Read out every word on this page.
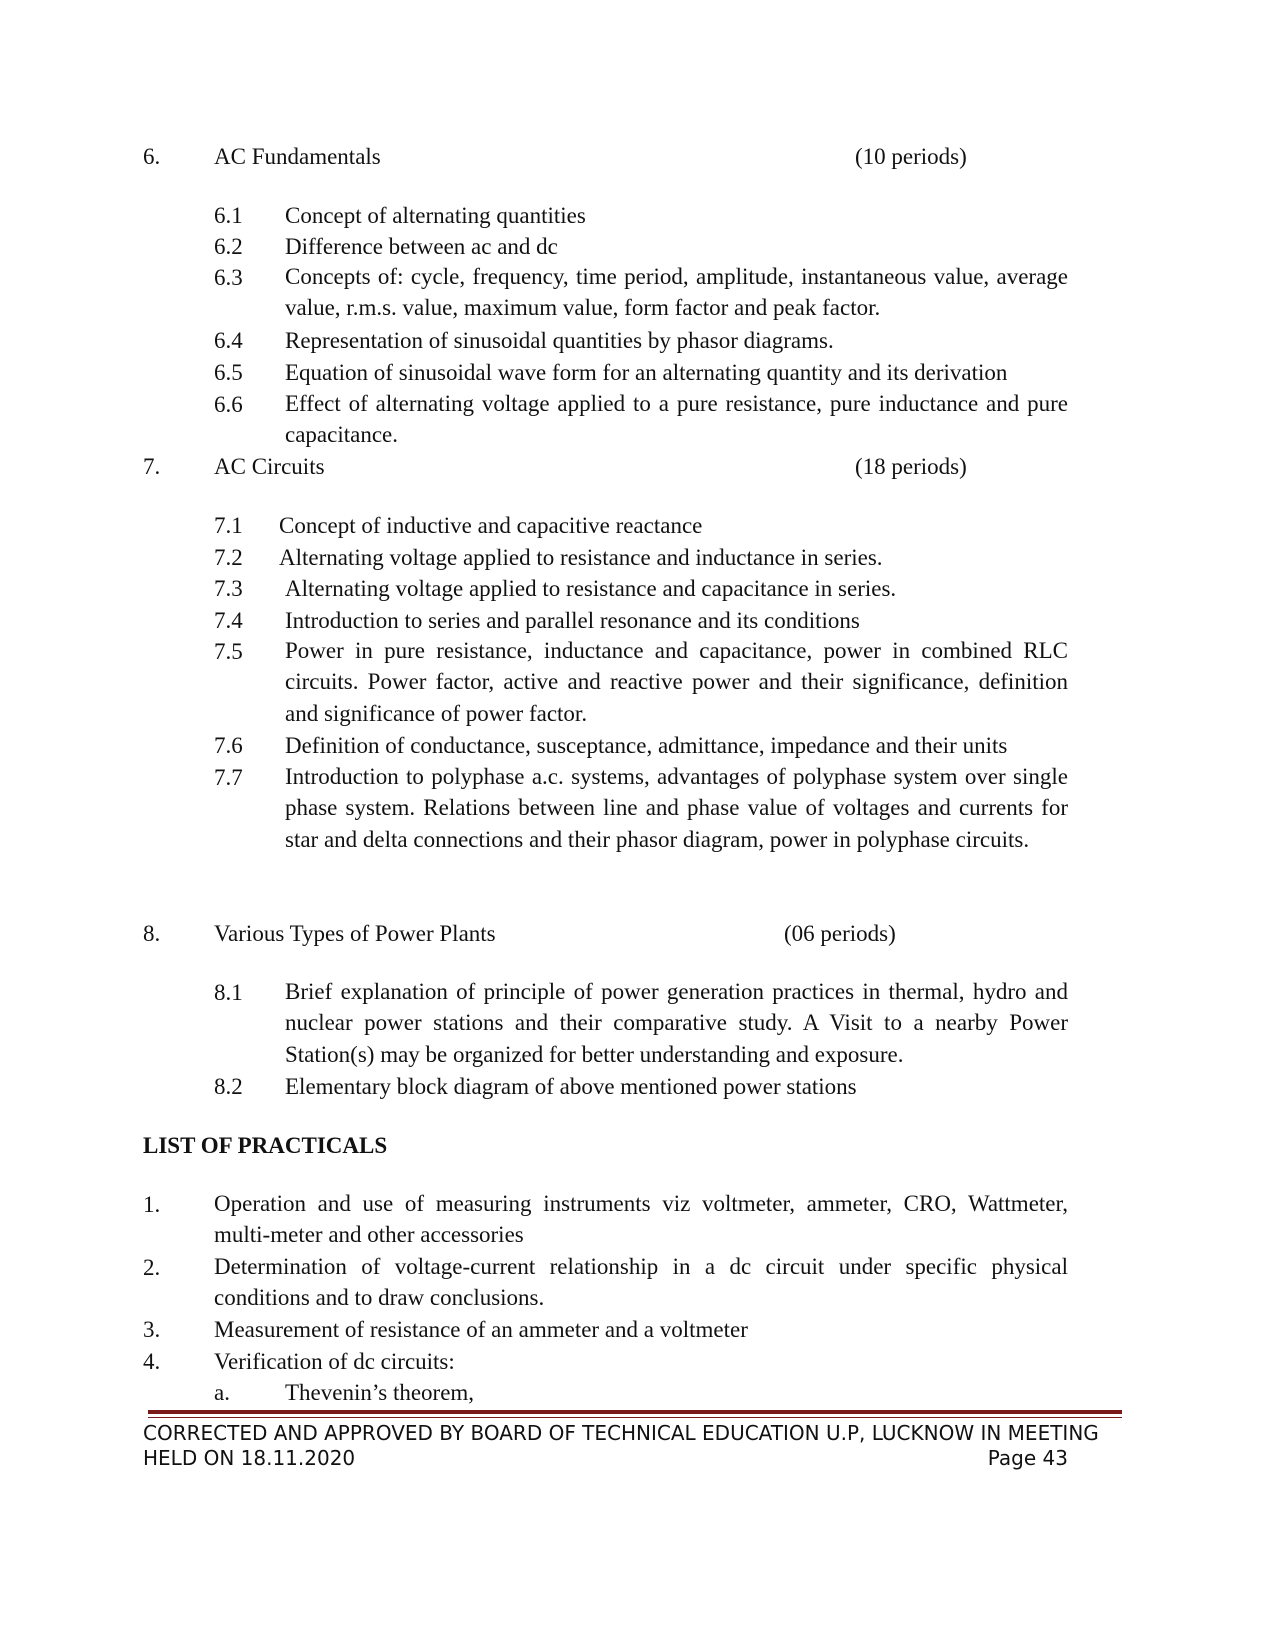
6. AC Fundamentals	(10 periods)
6.1 Concept of alternating quantities
6.2 Difference between ac and dc
6.3 Concepts of: cycle, frequency, time period, amplitude, instantaneous value, average value, r.m.s. value, maximum value, form factor and peak factor.
6.4 Representation of sinusoidal quantities by phasor diagrams.
6.5 Equation of sinusoidal wave form for an alternating quantity and its derivation
6.6 Effect of alternating voltage applied to a pure resistance, pure inductance and pure capacitance.
7. AC Circuits	(18 periods)
7.1 Concept of inductive and capacitive reactance
7.2 Alternating voltage applied to resistance and inductance in series.
7.3 Alternating voltage applied to resistance and capacitance in series.
7.4 Introduction to series and parallel resonance and its conditions
7.5 Power in pure resistance, inductance and capacitance, power in combined RLC circuits. Power factor, active and reactive power and their significance, definition and significance of power factor.
7.6 Definition of conductance, susceptance, admittance, impedance and their units
7.7 Introduction to polyphase a.c. systems, advantages of polyphase system over single phase system. Relations between line and phase value of voltages and currents for star and delta connections and their phasor diagram, power in polyphase circuits.
8. Various Types of Power Plants	(06 periods)
8.1 Brief explanation of principle of power generation practices in thermal, hydro and nuclear power stations and their comparative study. A Visit to a nearby Power Station(s) may be organized for better understanding and exposure.
8.2 Elementary block diagram of above mentioned power stations
LIST OF PRACTICALS
1. Operation and use of measuring instruments viz voltmeter, ammeter, CRO, Wattmeter, multi-meter and other accessories
2. Determination of voltage-current relationship in a dc circuit under specific physical conditions and to draw conclusions.
3. Measurement of resistance of an ammeter and a voltmeter
4. Verification of dc circuits:
a. Thevenin’s theorem,
CORRECTED AND APPROVED BY BOARD OF TECHNICAL EDUCATION U.P, LUCKNOW IN MEETING
HELD ON 18.11.2020	Page 43
